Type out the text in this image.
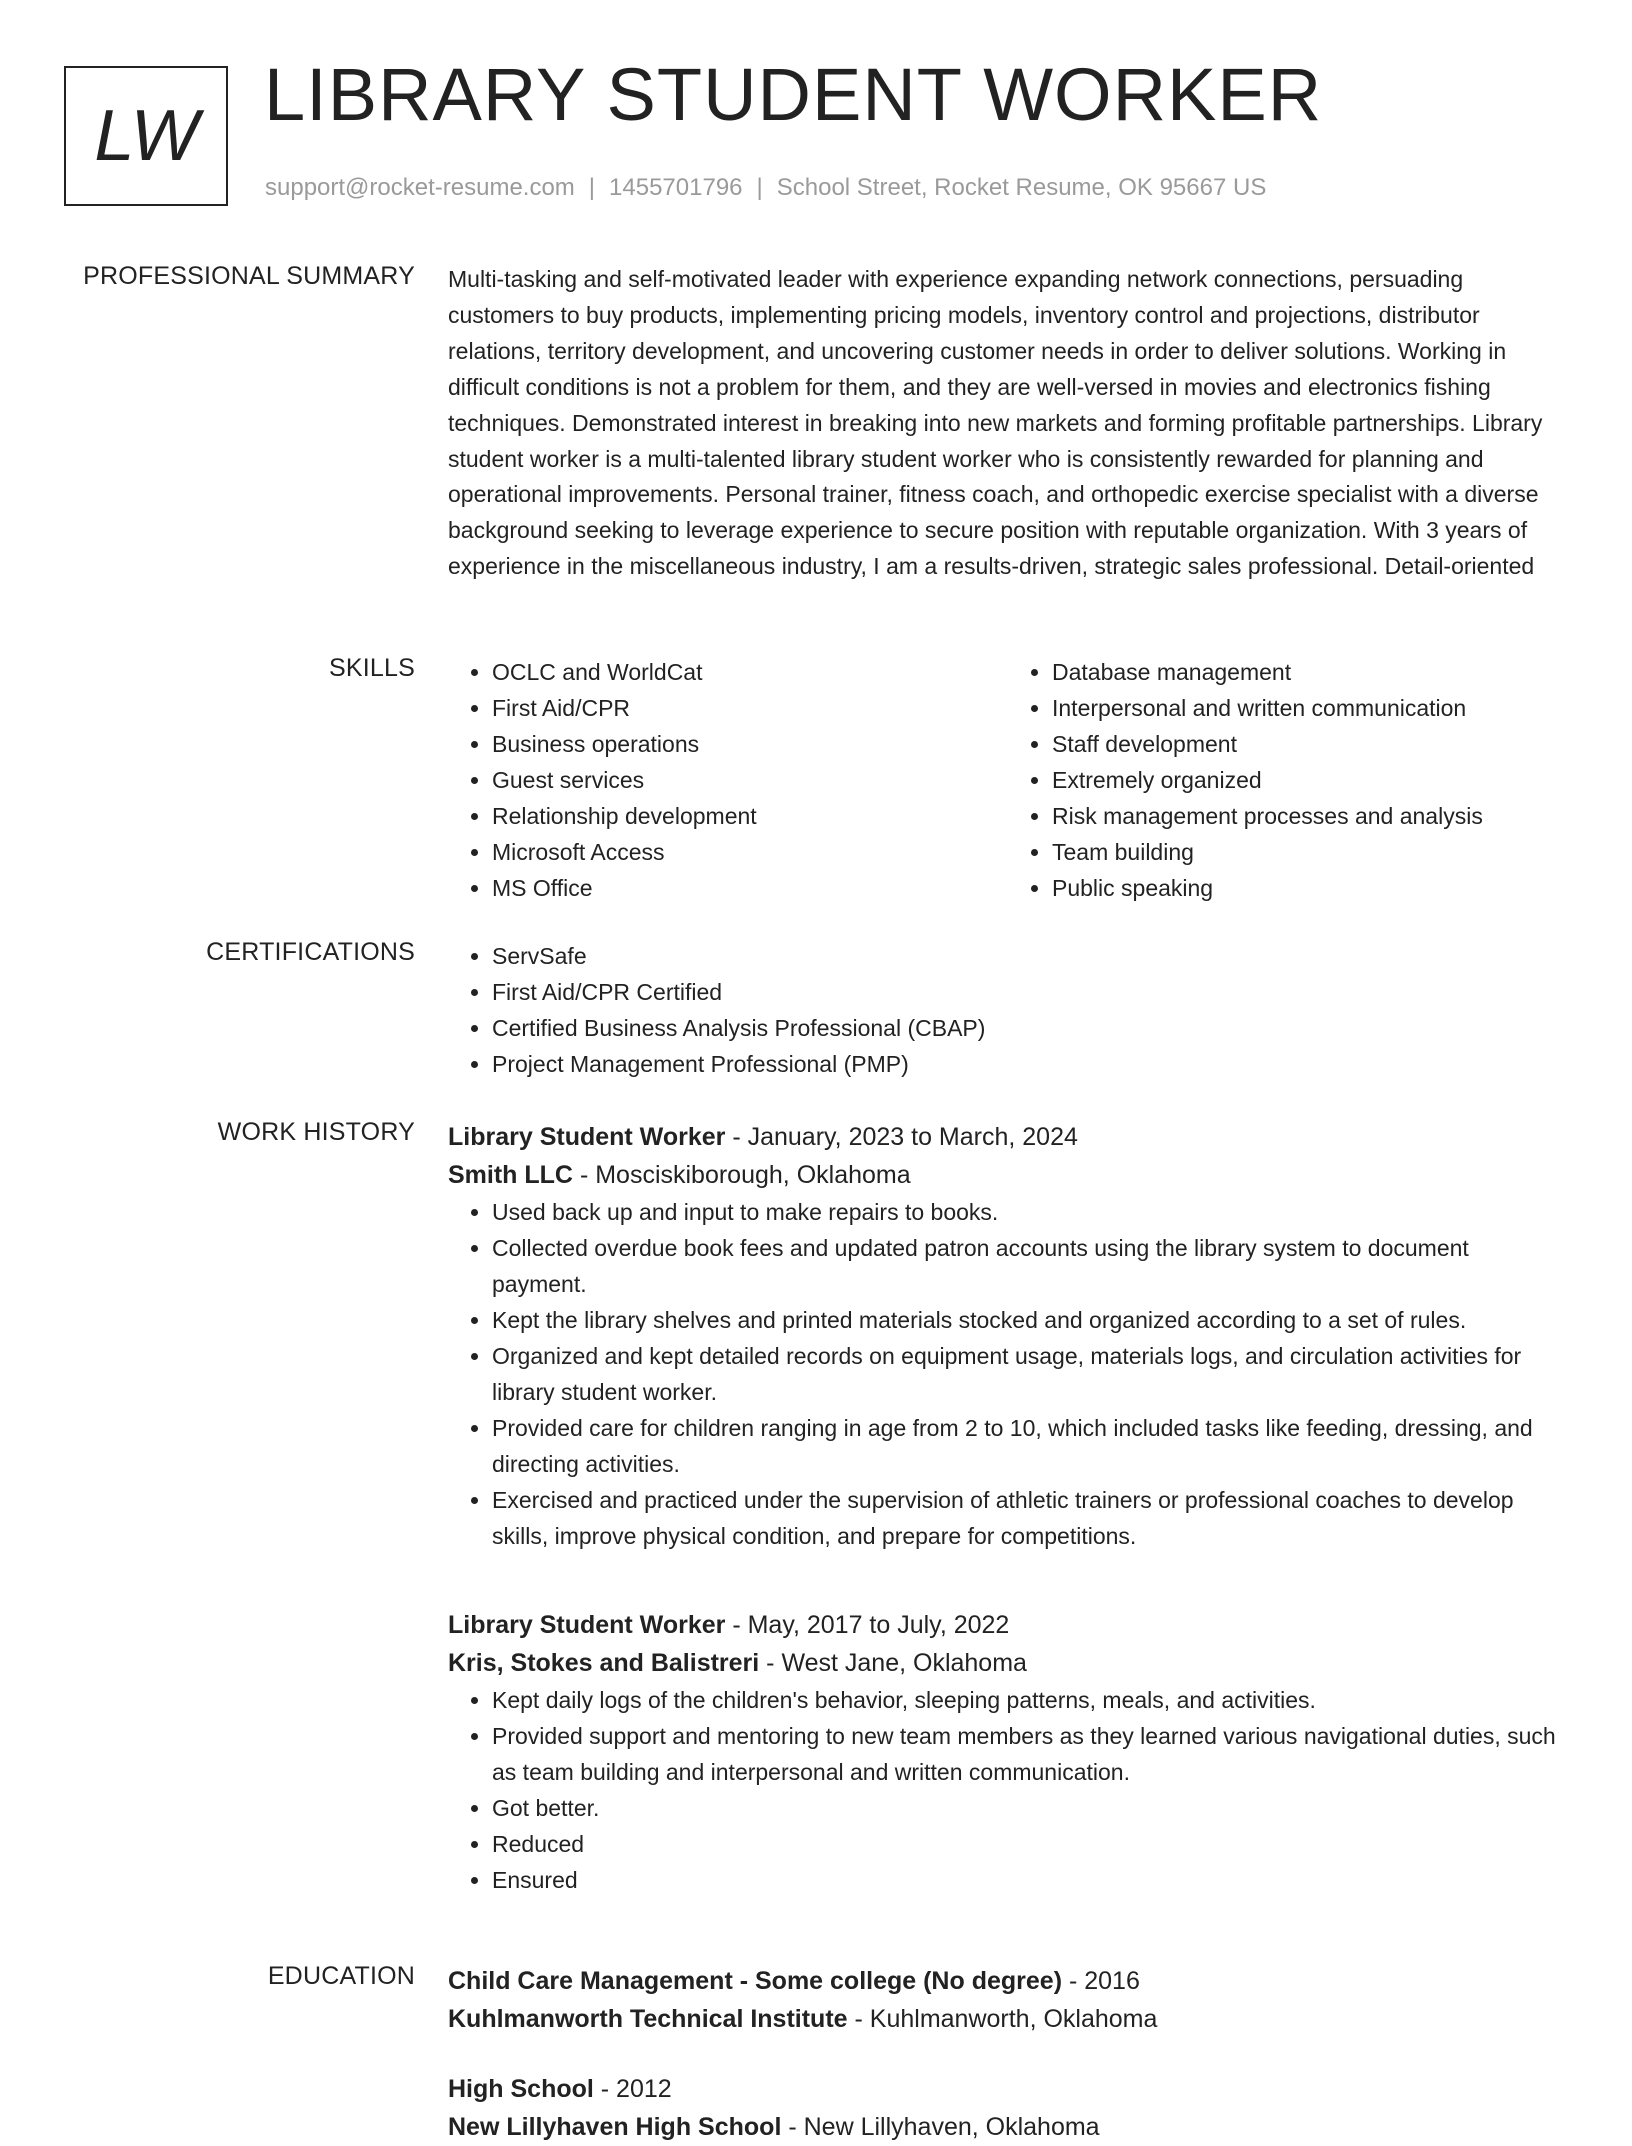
LW LIBRARY STUDENT WORKER
support@rocket-resume.com | 1455701796 | School Street, Rocket Resume, OK 95667 US
PROFESSIONAL SUMMARY Multi-tasking and self-motivated leader with experience expanding network connections, persuading customers to buy products, implementing pricing models, inventory control and projections, distributor relations, territory development, and uncovering customer needs in order to deliver solutions. Working in difficult conditions is not a problem for them, and they are well-versed in movies and electronics fishing techniques. Demonstrated interest in breaking into new markets and forming profitable partnerships. Library student worker is a multi-talented library student worker who is consistently rewarded for planning and operational improvements. Personal trainer, fitness coach, and orthopedic exercise specialist with a diverse background seeking to leverage experience to secure position with reputable organization. With 3 years of experience in the miscellaneous industry, I am a results-driven, strategic sales professional. Detail-oriented

SKILLS	• OCLC and WorldCat
• First Aid/CPR
• Business operations
• Guest services
• Relationship development
• Microsoft Access
• MS Office
• Database management
• Interpersonal and written communication
• Staff development
• Extremely organized
• Risk management processes and analysis
• Team building
• Public speaking
CERTIFICATIONS	• ServSafe
• First Aid/CPR Certified
• Certified Business Analysis Professional (CBAP)
• Project Management Professional (PMP)
WORK HISTORY Library Student Worker - January, 2023 to March, 2024
Smith LLC - Mosciskiborough, Oklahoma
• Used back up and input to make repairs to books.
• Collected overdue book fees and updated patron accounts using the library system to document payment.
• Kept the library shelves and printed materials stocked and organized according to a set of rules.
• Organized and kept detailed records on equipment usage, materials logs, and circulation activities for library student worker.
• Provided care for children ranging in age from 2 to 10, which included tasks like feeding, dressing, and directing activities.
• Exercised and practiced under the supervision of athletic trainers or professional coaches to develop skills, improve physical condition, and prepare for competitions.
Library Student Worker - May, 2017 to July, 2022
Kris, Stokes and Balistreri - West Jane, Oklahoma
• Kept daily logs of the children's behavior, sleeping patterns, meals, and activities.
• Provided support and mentoring to new team members as they learned various navigational duties, such as team building and interpersonal and written communication.
• Got better.
• Reduced
• Ensured
EDUCATION Child Care Management - Some college (No degree) - 2016
Kuhlmanworth Technical Institute - Kuhlmanworth, Oklahoma
High School - 2012
New Lillyhaven High School - New Lillyhaven, Oklahoma
